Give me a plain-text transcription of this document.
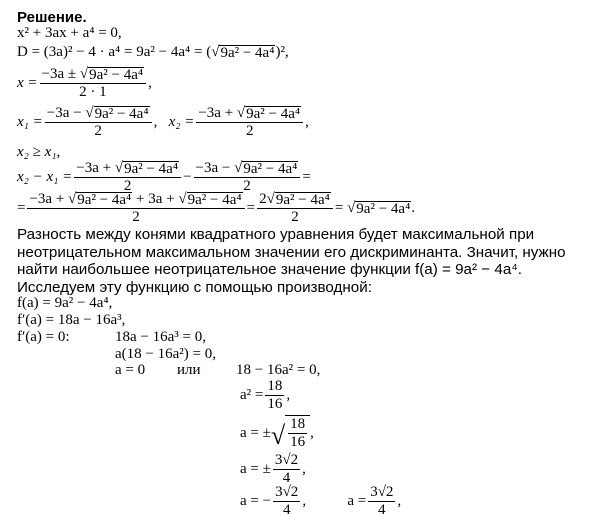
Решение.
x² + 3ax + a⁴ = 0,
D = (3a)² − 4 · a⁴ = 9a² − 4a⁴ = ( √ 9a² − 4a⁴ )²,
$x = \frac{\text{−3a ± √ 9a² − 4a⁴}}{2 \cdot 1}$ ,
$x_1 = \frac{\text{−3a − √ 9a² − 4a⁴}}{2}$ ,   $x_2 = \frac{\text{−3a + √ 9a² − 4a⁴}}{2}$ ,
x₂ ≥ x₁,
$x_2 - x_1 = \frac{\text{−3a + √ 9a² − 4a⁴}}{2} - \frac{\text{−3a − √ 9a² − 4a⁴}}{2}$ =
= $\frac{\text{−3a + √ 9a² − 4a⁴ + 3a + √ 9a² − 4a⁴}}{2} = \frac{\text{2√ 9a² − 4a⁴}}{2}$ =
√ 9a² − 4a⁴ .
Разность между конями квадратного уравнения будет максимальной при неотрицательном максимальном значении его дискриминанта. Значит, нужно найти наибольшее неотрицательное значение функции f(a) = 9a² − 4a⁴. Исследуем эту функцию с помощью производной:
f(a) = 9a² − 4a⁴,
f′(a) = 18a − 16a³,
f′(a) = 0:	18a − 16a³ = 0,
a(18 − 16a²) = 0,
a = 0	или	18 − 16a² = 0,
$a^2 = \frac{18}{16}$ ,
a = ± √ $\frac{18}{16}$ ,
a = ± $\frac{3√2}{4}$ ,
a = − $\frac{3√2}{4}$ ,	$a = \frac{3√2}{4}$ ,
